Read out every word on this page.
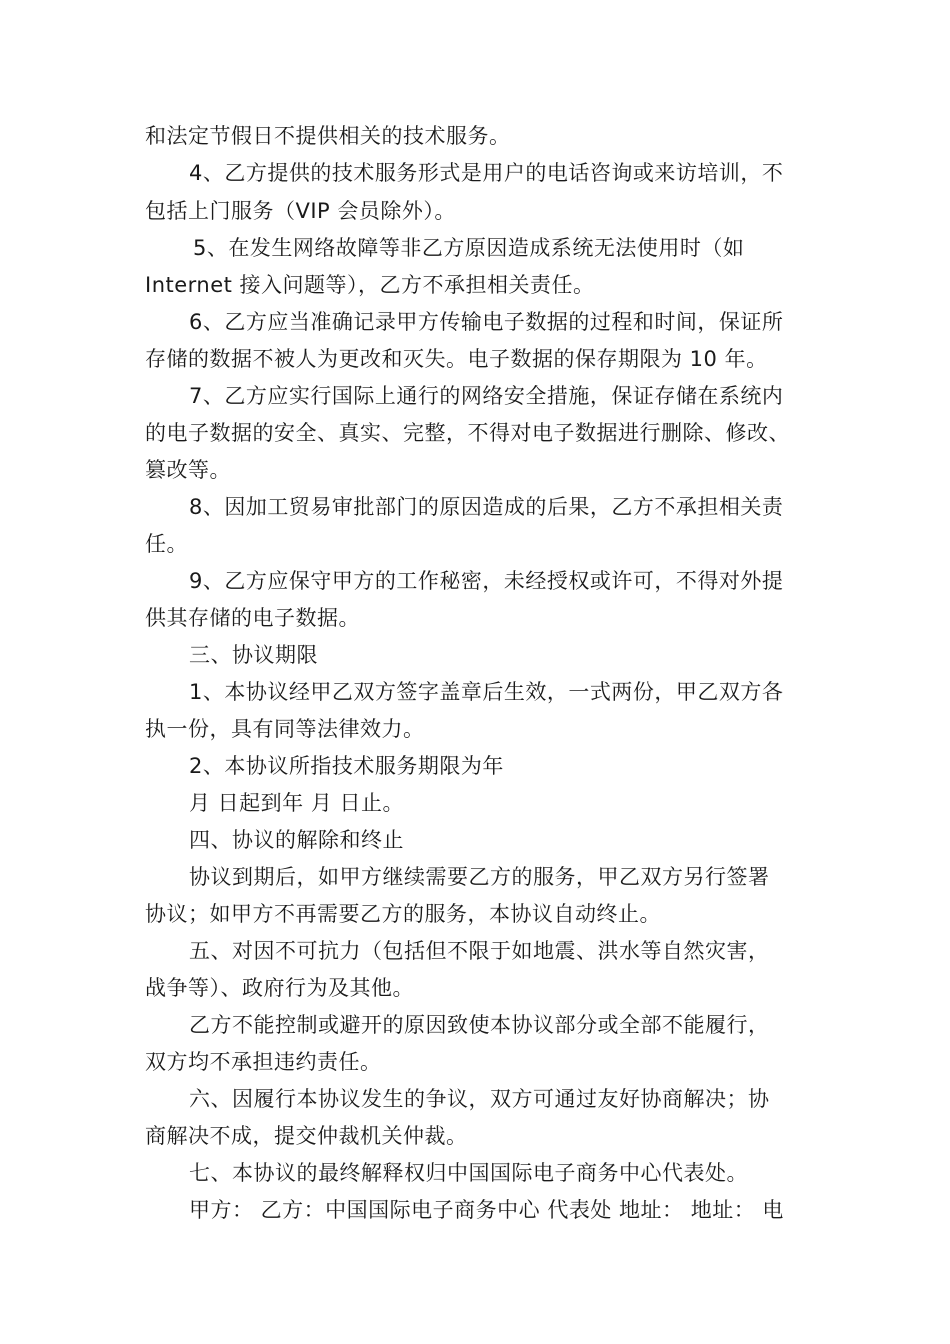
和法定节假日不提供相关的技术服务。
4、乙方提供的技术服务形式是用户的电话咨询或来访培训，不
包括上门服务（VIP 会员除外）。
5、在发生网络故障等非乙方原因造成系统无法使用时（如
Internet 接入问题等），乙方不承担相关责任。
6、乙方应当准确记录甲方传输电子数据的过程和时间，保证所
存储的数据不被人为更改和灭失。电子数据的保存期限为 10 年。
7、乙方应实行国际上通行的网络安全措施，保证存储在系统内
的电子数据的安全、真实、完整，不得对电子数据进行删除、修改、
篡改等。
8、因加工贸易审批部门的原因造成的后果，乙方不承担相关责
任。
9、乙方应保守甲方的工作秘密，未经授权或许可，不得对外提
供其存储的电子数据。
三、协议期限
1、本协议经甲乙双方签字盖章后生效，一式两份，甲乙双方各
执一份，具有同等法律效力。
2、本协议所指技术服务期限为年
月 日起到年 月 日止。
四、协议的解除和终止
协议到期后，如甲方继续需要乙方的服务，甲乙双方另行签署
协议；如甲方不再需要乙方的服务，本协议自动终止。
五、对因不可抗力（包括但不限于如地震、洪水等自然灾害，
战争等）、政府行为及其他。
乙方不能控制或避开的原因致使本协议部分或全部不能履行，
双方均不承担违约责任。
六、因履行本协议发生的争议，双方可通过友好协商解决；协
商解决不成，提交仲裁机关仲裁。
七、本协议的最终解释权归中国国际电子商务中心代表处。
甲方： 乙方：中国国际电子商务中心 代表处 地址： 地址： 电
